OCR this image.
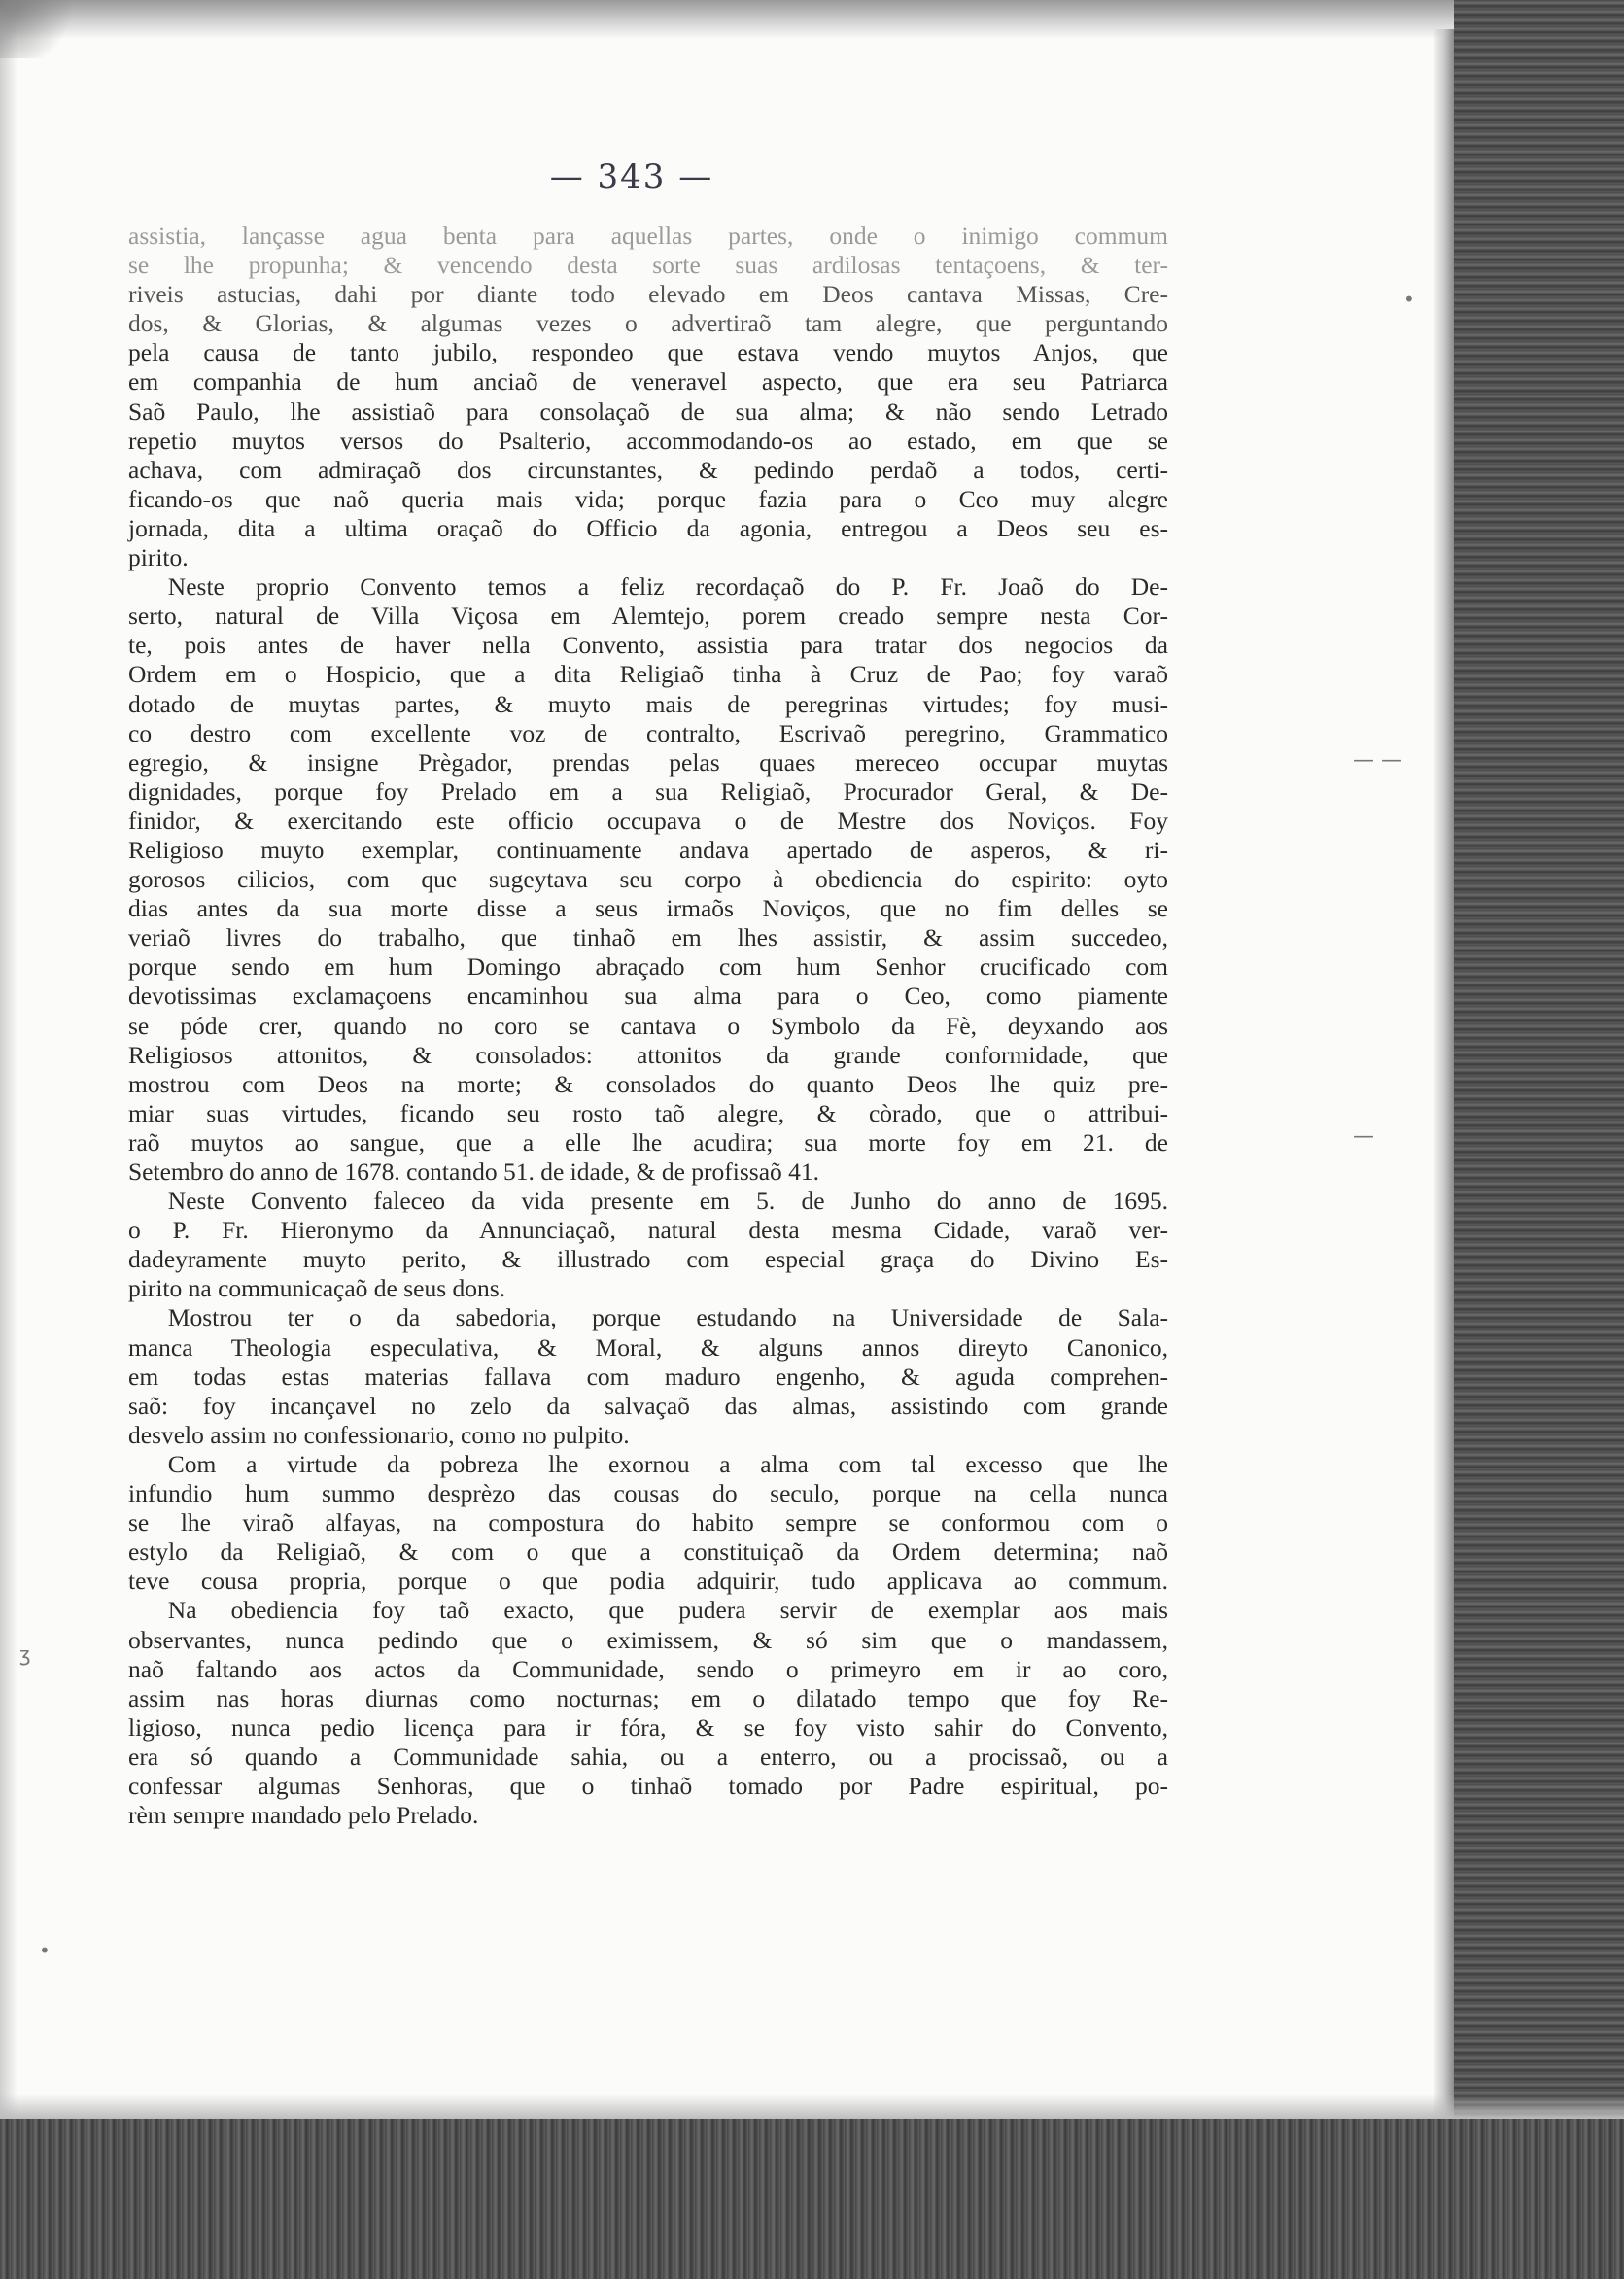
— 343 —
•
— —
—
ʒ
•
assistia, lançasse agua benta para aquellas partes, onde o inimigo commum
se lhe propunha; & vencendo desta sorte suas ardilosas tentaçoens, & ter-
riveis astucias, dahi por diante todo elevado em Deos cantava Missas, Cre-
dos, & Glorias, & algumas vezes o advertiraõ tam alegre, que perguntando
pela causa de tanto jubilo, respondeo que estava vendo muytos Anjos, que
em companhia de hum anciaõ de veneravel aspecto, que era seu Patriarca
Saõ Paulo, lhe assistiaõ para consolaçaõ de sua alma; & não sendo Letrado
repetio muytos versos do Psalterio, accommodando-os ao estado, em que se
achava, com admiraçaõ dos circunstantes, & pedindo perdaõ a todos, certi-
ficando-os que naõ queria mais vida; porque fazia para o Ceo muy alegre
jornada, dita a ultima oraçaõ do Officio da agonia, entregou a Deos seu es-
pirito.
Neste proprio Convento temos a feliz recordaçaõ do P. Fr. Joaõ do De-
serto, natural de Villa Viçosa em Alemtejo, porem creado sempre nesta Cor-
te, pois antes de haver nella Convento, assistia para tratar dos negocios da
Ordem em o Hospicio, que a dita Religiaõ tinha à Cruz de Pao; foy varaõ
dotado de muytas partes, & muyto mais de peregrinas virtudes; foy musi-
co destro com excellente voz de contralto, Escrivaõ peregrino, Grammatico
egregio, & insigne Prègador, prendas pelas quaes mereceo occupar muytas
dignidades, porque foy Prelado em a sua Religiaõ, Procurador Geral, & De-
finidor, & exercitando este officio occupava o de Mestre dos Noviços. Foy
Religioso muyto exemplar, continuamente andava apertado de asperos, & ri-
gorosos cilicios, com que sugeytava seu corpo à obediencia do espirito: oyto
dias antes da sua morte disse a seus irmaõs Noviços, que no fim delles se
veriaõ livres do trabalho, que tinhaõ em lhes assistir, & assim succedeo,
porque sendo em hum Domingo abraçado com hum Senhor crucificado com
devotissimas exclamaçoens encaminhou sua alma para o Ceo, como piamente
se póde crer, quando no coro se cantava o Symbolo da Fè, deyxando aos
Religiosos attonitos, & consolados: attonitos da grande conformidade, que
mostrou com Deos na morte; & consolados do quanto Deos lhe quiz pre-
miar suas virtudes, ficando seu rosto taõ alegre, & còrado, que o attribui-
raõ muytos ao sangue, que a elle lhe acudira; sua morte foy em 21. de
Setembro do anno de 1678. contando 51. de idade, & de profissaõ 41.
Neste Convento faleceo da vida presente em 5. de Junho do anno de 1695.
o P. Fr. Hieronymo da Annunciaçaõ, natural desta mesma Cidade, varaõ ver-
dadeyramente muyto perito, & illustrado com especial graça do Divino Es-
pirito na communicaçaõ de seus dons.
Mostrou ter o da sabedoria, porque estudando na Universidade de Sala-
manca Theologia especulativa, & Moral, & alguns annos direyto Canonico,
em todas estas materias fallava com maduro engenho, & aguda comprehen-
saõ: foy incançavel no zelo da salvaçaõ das almas, assistindo com grande
desvelo assim no confessionario, como no pulpito.
Com a virtude da pobreza lhe exornou a alma com tal excesso que lhe
infundio hum summo desprèzo das cousas do seculo, porque na cella nunca
se lhe viraõ alfayas, na compostura do habito sempre se conformou com o
estylo da Religiaõ, & com o que a constituiçaõ da Ordem determina; naõ
teve cousa propria, porque o que podia adquirir, tudo applicava ao commum.
Na obediencia foy taõ exacto, que pudera servir de exemplar aos mais
observantes, nunca pedindo que o eximissem, & só sim que o mandassem,
naõ faltando aos actos da Communidade, sendo o primeyro em ir ao coro,
assim nas horas diurnas como nocturnas; em o dilatado tempo que foy Re-
ligioso, nunca pedio licença para ir fóra, & se foy visto sahir do Convento,
era só quando a Communidade sahia, ou a enterro, ou a procissaõ, ou a
confessar algumas Senhoras, que o tinhaõ tomado por Padre espiritual, po-
rèm sempre mandado pelo Prelado.
